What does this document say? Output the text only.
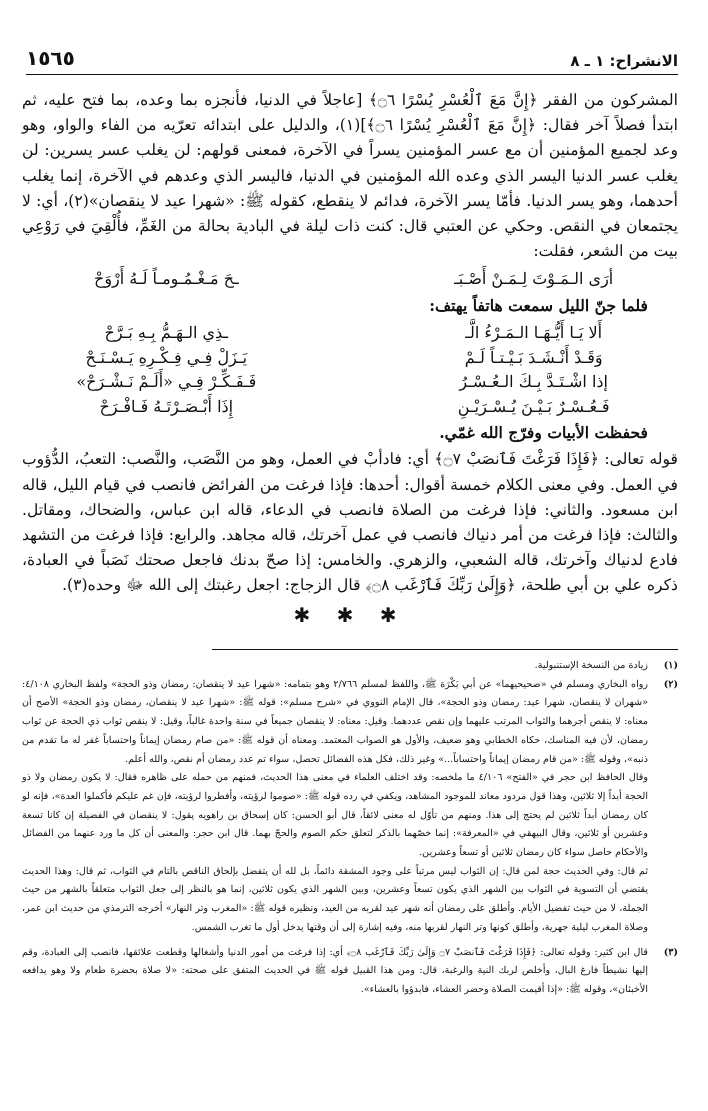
الانشراح: ١ ـ ٨
١٥٦٥

المشركون من الفقر ﴿إِنَّ مَعَ ٱلْعُسْرِ يُسْرًا ۝٦﴾ [عاجلاً في الدنيا، فأنجزه بما وعده، بما فتح عليه، ثم ابتدأ فصلاً آخر فقال: ﴿إِنَّ مَعَ ٱلْعُسْرِ يُسْرًا ۝٦﴾](١)، والدليل على ابتدائه تعرّيه من الفاء والواو، وهو وعد لجميع المؤمنين أن مع عسر المؤمنين يسراً في الآخرة، فمعنى قولهم: لن يغلب عسر يسرين: لن يغلب عسر الدنيا اليسر الذي وعده الله المؤمنين في الدنيا، فاليسر الذي وعدهم في الآخرة، إنما يغلب أحدهما، وهو يسر الدنيا. فأمّا يسر الآخرة، فدائم لا ينقطع، كقوله ﷺ: «شهرا عيد لا ينقصان»(٢)، أي: لا يجتمعان في النقص. وحكي عن العتبي قال: كنت ذات ليلة في البادية بحالة من الغَمِّ، فأُلْقِيَ في رَوْعِي بيت من الشعر، فقلت:

أرَى الـمَـوْتَ لِـمَـنْ أَصْـبَـ
ـحَ مَـغْـمُـومـاً لَـهُ أَرْوَحْ

فلما جنّ الليل سمعت هاتفاً يهتف:

أَلا يَـا أَيُّـهَـا الـمَـرْءُ الَّـ
ـذِي الـهَـمُّ بِـهِ بَـرَّحْ
وَقَـدْ أَنْـشَـدَ بَـيْـتـاً لَـمْ
يَـزَلْ فِـي فِـكْـرِهِ يَـسْـنَـحْ
إذا اشْـتَـدَّ بِـكَ الـعُـسْـرُ
فَـفَـكِّـرْ فِـي «أَلَـمْ نَـشْـرَحْ»
فَـعُـسْـرٌ بَـيْـنَ يُـسْـرَيْـنِ
إِذَا أَبْـصَـرْتَـهُ فَـافْـرَحْ

فحفظت الأبيات وفرّج الله غمّي.

قوله تعالى: ﴿فَإِذَا فَرَغْتَ فَٱنصَبْ ۝٧﴾ أي: فادأبْ في العمل، وهو من النَّصَب، والنَّصب: التعبُ، الدُّؤوب في العمل. وفي معنى الكلام خمسة أقوال: أحدها: فإذا فرغت من الفرائض فانصب في قيام الليل، قاله ابن مسعود. والثاني: فإذا فرغت من الصلاة فانصب في الدعاء، قاله ابن عباس، والضحاك، ومقاتل. والثالث: فإذا فرغت من أمر دنياك فانصب في عمل آخرتك، قاله مجاهد. والرابع: فإذا فرغت من التشهد فادع لدنياك وآخرتك، قاله الشعبي، والزهري. والخامس: إذا صحّ بدنك فاجعل صحتك نَصَباً في العبادة، ذكره علي بن أبي طلحة، ﴿وَإِلَىٰ رَبِّكَ فَٱرْغَب ۝٨﴾ قال الزجاج: اجعل رغبتك إلى الله ﷻ وحده(٣).

✱ ✱ ✱
(١)
زيادة من النسخة الإستنبولية.
(٢)
رواه البخاري ومسلم في «صحيحيهما» عن أبي بَكْرَة ﷺ، واللفظ لمسلم ٢/٧٦٦ وهو بتمامه: «شهرا عيد لا ينقصان: رمضان وذو الحجة» ولفظ البخاري ٤/١٠٨: «شهران لا ينقصان، شهرا عيد: رمضان وذو الحجة»، قال الإمام النووي في «شرح مسلم»: قوله ﷺ: «شهرا عيد لا ينقصان، رمضان وذو الحجة» الأصح أن معناه: لا ينقص أجرهما والثواب المرتب عليهما وإن نقص عددهما. وقيل: معناه: لا ينقصان جميعاً في سنة واحدة غالباً، وقيل: لا ينقص ثواب ذي الحجة عن ثواب رمضان، لأن فيه المناسك، حكاه الخطابي وهو ضعيف، والأول هو الصواب المعتمد. ومعناه أن قوله ﷺ: «من صام رمضان إيماناً واحتساباً غفر له ما تقدم من ذنبه»، وقوله ﷺ: «من قام رمضان إيماناً واحتساباً...» وغير ذلك، فكل هذه الفضائل تحصل، سواء تم عدد رمضان أم نقص، والله أعلم.
وقال الحافظ ابن حجر في «الفتح» ٤/١٠٦ ما ملخصه: وقد اختلف العلماء في معنى هذا الحديث، فمنهم من حمله على ظاهره فقال: لا يكون رمضان ولا ذو الحجة أبداً إلا ثلاثين، وهذا قول مردود معاند للموجود المشاهد، ويكفي في رده قوله ﷺ: «صوموا لرؤيته، وأفطروا لرؤيته، فإن غم عليكم فأكملوا العدة»، فإنه لو كان رمضان أبداً ثلاثين لم يحتج إلى هذا. ومنهم من تأوّل له معنى لائقاً، قال أبو الحسن: كان إسحاق بن راهويه يقول: لا ينقصان في الفضيلة إن كانا تسعة وعشرين أو ثلاثين، وقال البيهقي في «المعرفة»: إنما خصّهما بالذكر لتعلق حكم الصوم والحجّ بهما. قال ابن حجر: والمعنى أن كل ما ورد عنهما من الفضائل والأحكام حاصل سواء كان رمضان ثلاثين أو تسعاً وعشرين.
ثم قال: وفي الحديث حجة لمن قال: إن الثواب ليس مرتباً على وجود المشقة دائماً، بل لله أن يتفضل بإلحاق الناقص بالتام في الثواب، ثم قال: وهذا الحديث يقتضي أن التسوية في الثواب بين الشهر الذي يكون تسعاً وعشرين، وبين الشهر الذي يكون ثلاثين، إنما هو بالنظر إلى جعل الثواب متعلقاً بالشهر من حيث الجملة، لا من حيث تفضيل الأيام. وأطلق على رمضان أنه شهر عيد لقربه من العيد، ونظيره قوله ﷺ: «المغرب وتر النهار» أخرجه الترمذي من حديث ابن عمر، وصلاة المغرب ليلية جهرية، وأطلق كونها وتر النهار لقربها منه، وفيه إشارة إلى أن وقتها يدخل أول ما تغرب الشمس.
(٣)
قال ابن كثير: وقوله تعالى: ﴿فَإِذَا فَرَغْتَ فَٱنصَبْ ۝٧ وَإِلَىٰ رَبِّكَ فَٱرْغَب ۝٨﴾ أي: إذا فرغت من أمور الدنيا وأشغالها وقطعت علائقها، فانصب إلى العبادة، وقم إليها نشيطاً فارغ البال، وأخلص لربك النية والرغبة، قال: ومن هذا القبيل قوله ﷺ في الحديث المتفق على صحته: «لا صلاة بحضرة طعام ولا وهو يدافعه الأخبثان»، وقوله ﷺ: «إذا أقيمت الصلاة وحضر العشاء، فابدؤوا بالعشاء».
